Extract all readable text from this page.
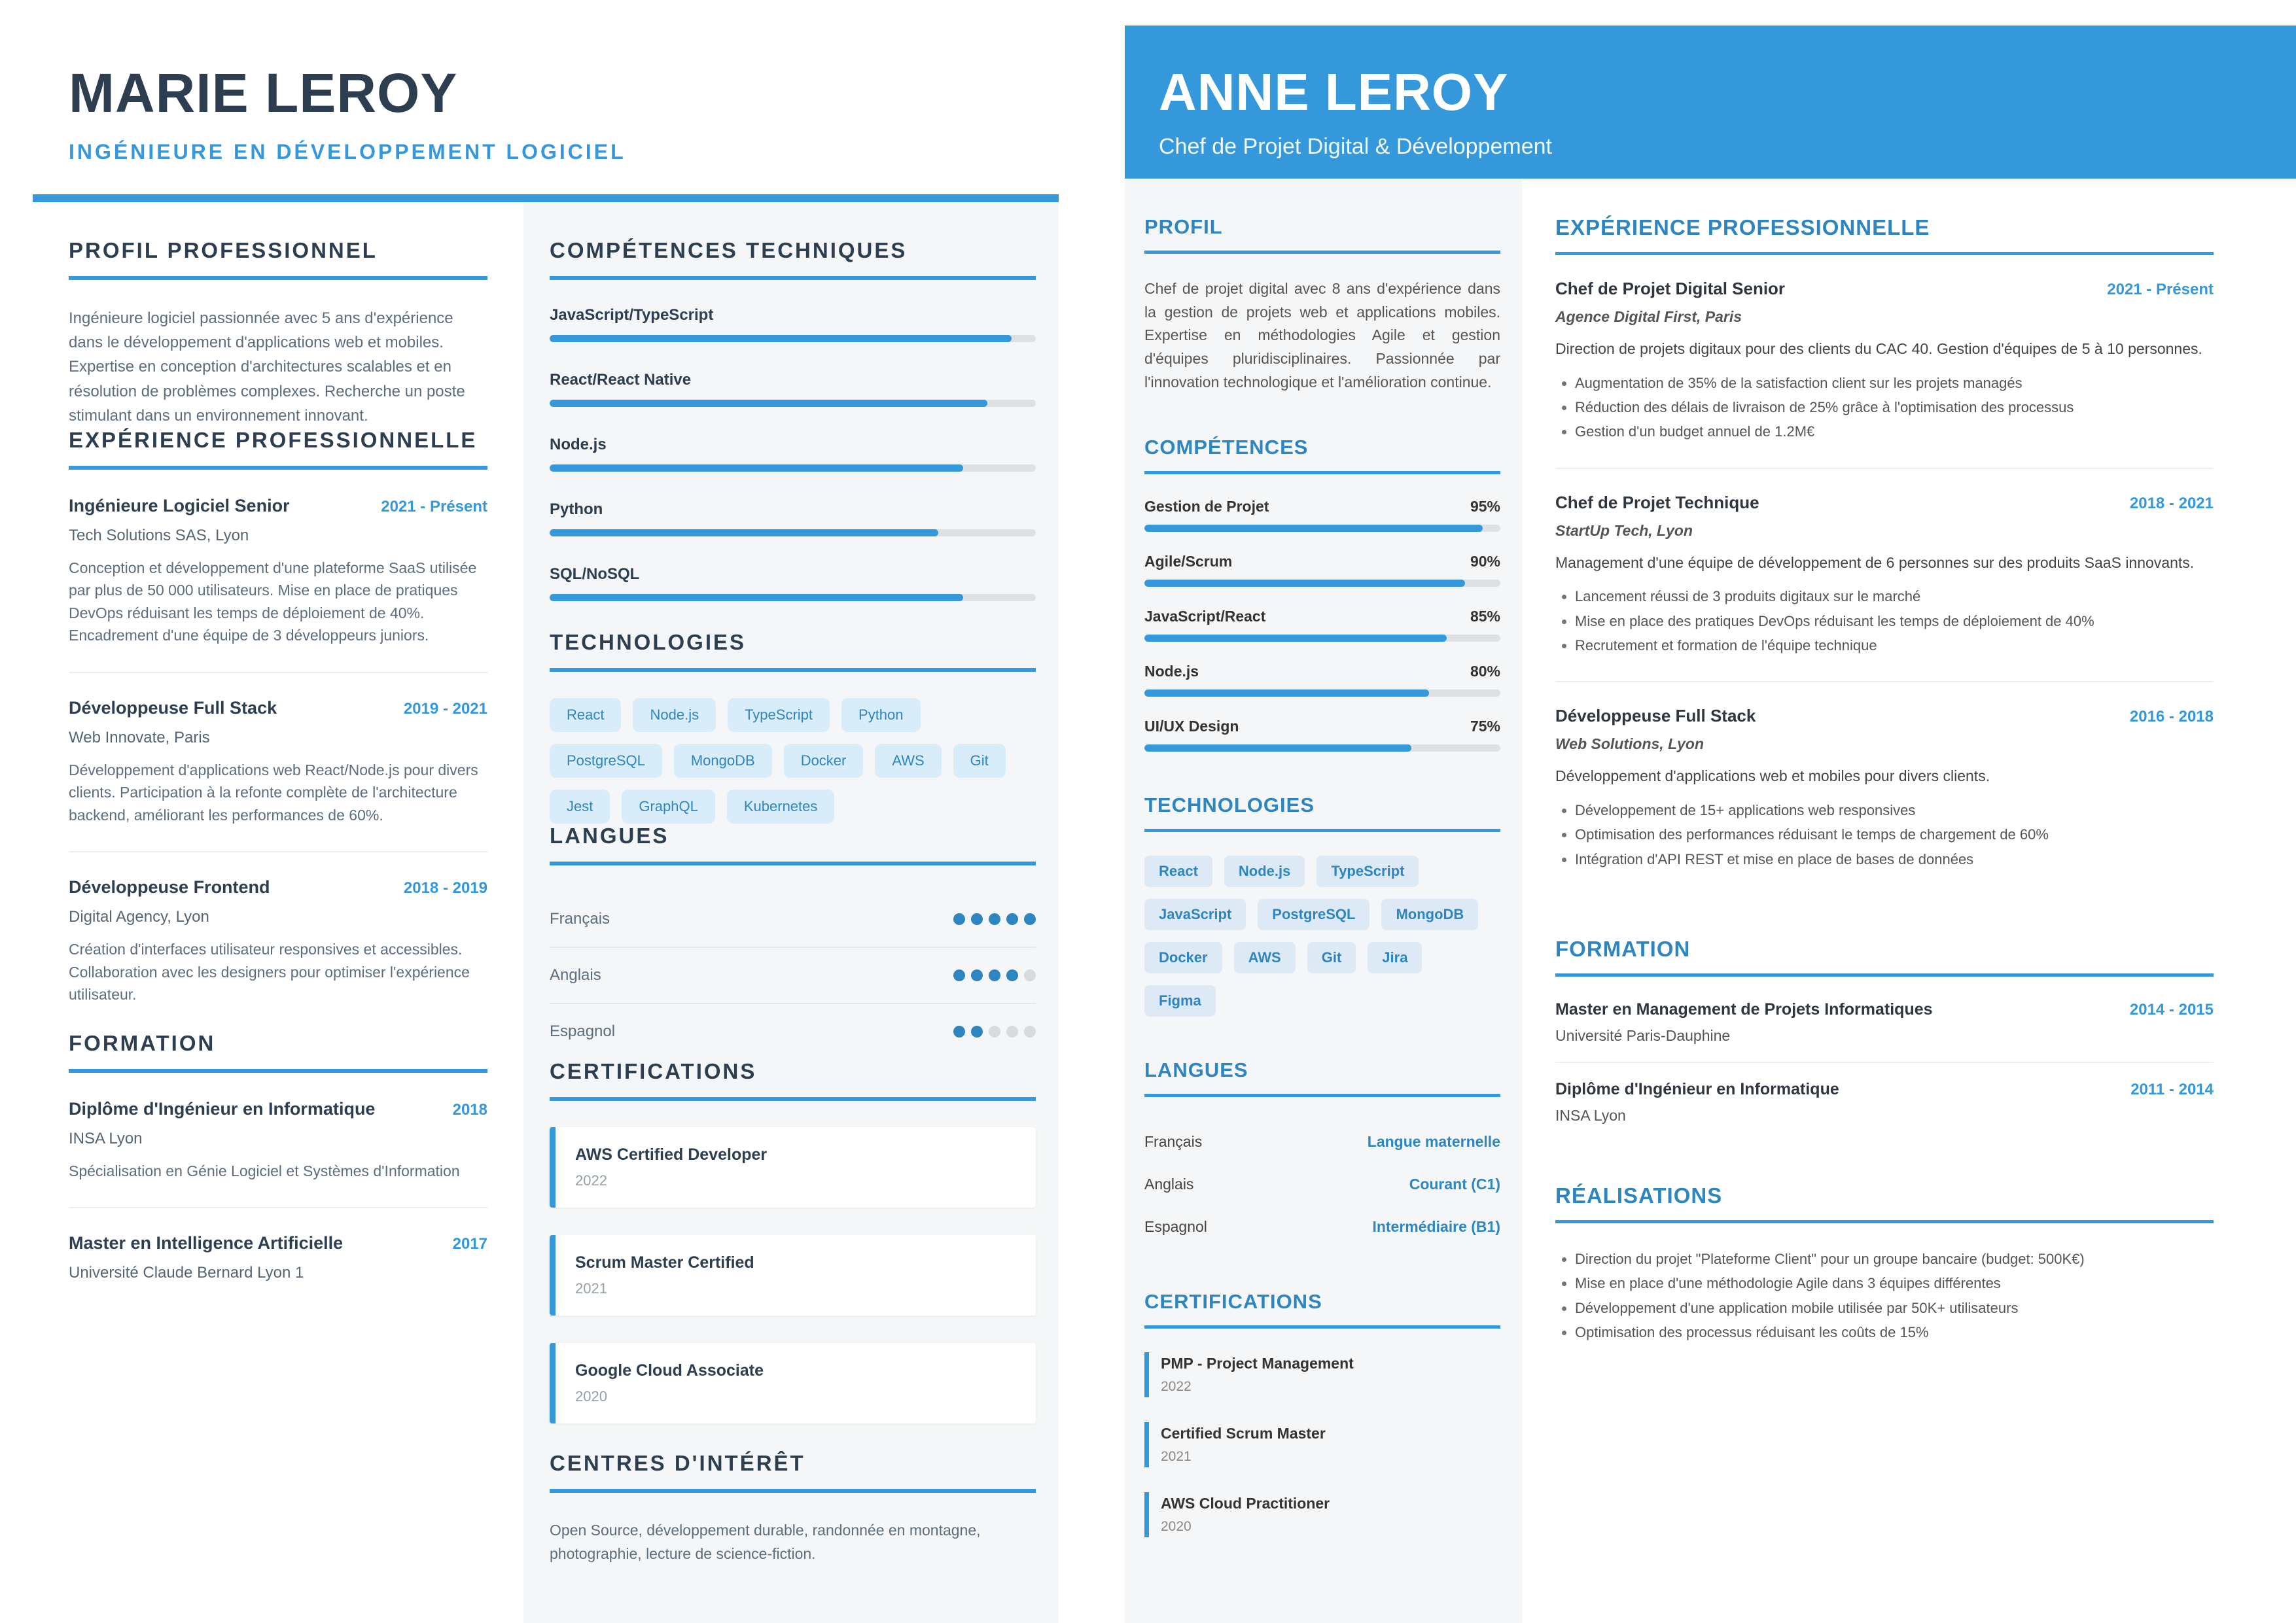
MARIE LEROY
INGÉNIEURE EN DÉVELOPPEMENT LOGICIEL
PROFIL PROFESSIONNEL

Ingénieure logiciel passionnée avec 5 ans d'expérience dans le développement d'applications web et mobiles. Expertise en conception d'architectures scalables et en résolution de problèmes complexes. Recherche un poste stimulant dans un environnement innovant.

EXPÉRIENCE PROFESSIONNELLE
Ingénieure Logiciel Senior	2021 - Présent
Tech Solutions SAS, Lyon

Conception et développement d'une plateforme SaaS utilisée par plus de 50 000 utilisateurs. Mise en place de pratiques DevOps réduisant les temps de déploiement de 40%. Encadrement d'une équipe de 3 développeurs juniors.

Développeuse Full Stack	2019 - 2021
Web Innovate, Paris

Développement d'applications web React/Node.js pour divers clients. Participation à la refonte complète de l'architecture backend, améliorant les performances de 60%.

Développeuse Frontend	2018 - 2019
Digital Agency, Lyon

Création d'interfaces utilisateur responsives et accessibles. Collaboration avec les designers pour optimiser l'expérience utilisateur.

FORMATION
Diplôme d'Ingénieur en Informatique	2018
INSA Lyon

Spécialisation en Génie Logiciel et Systèmes d'Information

Master en Intelligence Artificielle	2017
Université Claude Bernard Lyon 1
COMPÉTENCES TECHNIQUES
JavaScript/TypeScript
React/React Native
Node.js
Python
SQL/NoSQL
TECHNOLOGIES
React	Node.js	TypeScript	Python
PostgreSQL	MongoDB	Docker	AWS	Git
Jest	GraphQL	Kubernetes
LANGUES
Français
Anglais
Espagnol
CERTIFICATIONS
AWS Certified Developer
2022
Scrum Master Certified
2021
Google Cloud Associate
2020
CENTRES D'INTÉRÊT

Open Source, développement durable, randonnée en montagne, photographie, lecture de science-fiction.

ANNE LEROY
Chef de Projet Digital & Développement
PROFIL

Chef de projet digital avec 8 ans d'expérience dans la gestion de projets web et applications mobiles. Expertise en méthodologies Agile et gestion d'équipes pluridisciplinaires. Passionnée par l'innovation technologique et l'amélioration continue.

COMPÉTENCES
Gestion de Projet	95%
Agile/Scrum	90%
JavaScript/React	85%
Node.js	80%
UI/UX Design	75%
TECHNOLOGIES
React	Node.js	TypeScript
JavaScript	PostgreSQL	MongoDB
Docker	AWS	Git	Jira
Figma
LANGUES
Français	Langue maternelle
Anglais	Courant (C1)
Espagnol	Intermédiaire (B1)
CERTIFICATIONS
PMP - Project Management
2022
Certified Scrum Master
2021
AWS Cloud Practitioner
2020
EXPÉRIENCE PROFESSIONNELLE
Chef de Projet Digital Senior	2021 - Présent
Agence Digital First, Paris

Direction de projets digitaux pour des clients du CAC 40. Gestion d'équipes de 5 à 10 personnes.

• Augmentation de 35% de la satisfaction client sur les projets managés
• Réduction des délais de livraison de 25% grâce à l'optimisation des processus
• Gestion d'un budget annuel de 1.2M€
Chef de Projet Technique	2018 - 2021
StartUp Tech, Lyon

Management d'une équipe de développement de 6 personnes sur des produits SaaS innovants.

• Lancement réussi de 3 produits digitaux sur le marché
• Mise en place des pratiques DevOps réduisant les temps de déploiement de 40%
• Recrutement et formation de l'équipe technique
Développeuse Full Stack	2016 - 2018
Web Solutions, Lyon

Développement d'applications web et mobiles pour divers clients.

• Développement de 15+ applications web responsives
• Optimisation des performances réduisant le temps de chargement de 60%
• Intégration d'API REST et mise en place de bases de données
FORMATION
Master en Management de Projets Informatiques	2014 - 2015
Université Paris-Dauphine
Diplôme d'Ingénieur en Informatique	2011 - 2014
INSA Lyon
RÉALISATIONS
• Direction du projet "Plateforme Client" pour un groupe bancaire (budget: 500K€)
• Mise en place d'une méthodologie Agile dans 3 équipes différentes
• Développement d'une application mobile utilisée par 50K+ utilisateurs
• Optimisation des processus réduisant les coûts de 15%
